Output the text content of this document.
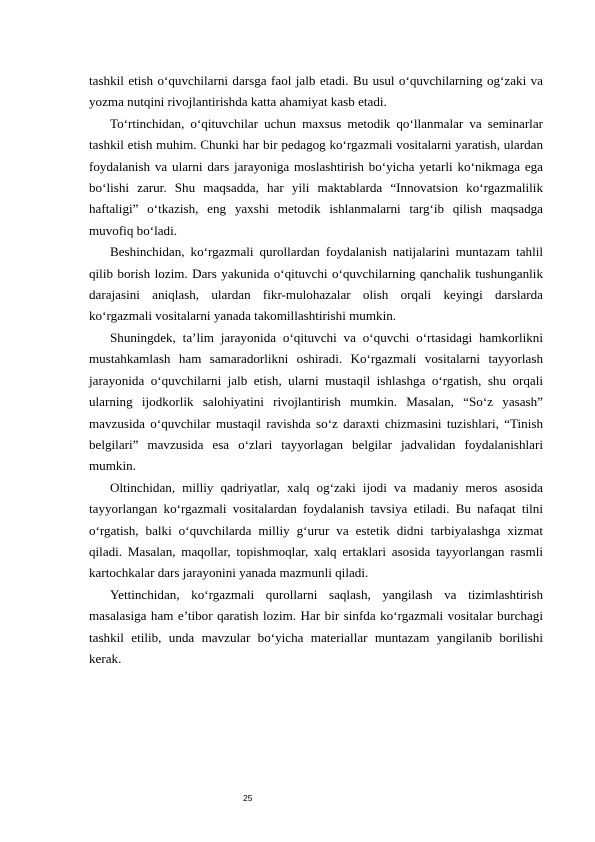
tashkil etish o‘quvchilarni darsga faol jalb etadi. Bu usul o‘quvchilarning og‘zaki va yozma nutqini rivojlantirishda katta ahamiyat kasb etadi.

To‘rtinchidan, o‘qituvchilar uchun maxsus metodik qo‘llanmalar va seminarlar tashkil etish muhim. Chunki har bir pedagog ko‘rgazmali vositalarni yaratish, ulardan foydalanish va ularni dars jarayoniga moslashtirish bo‘yicha yetarli ko‘nikmaga ega bo‘lishi zarur. Shu maqsadda, har yili maktablarda “Innovatsion ko‘rgazmalilik haftaligi” o‘tkazish, eng yaxshi metodik ishlanmalarni targ‘ib qilish maqsadga muvofiq bo‘ladi.

Beshinchidan, ko‘rgazmali qurollardan foydalanish natijalarini muntazam tahlil qilib borish lozim. Dars yakunida o‘qituvchi o‘quvchilarning qanchalik tushunganlik darajasini aniqlash, ulardan fikr-mulohazalar olish orqali keyingi darslarda ko‘rgazmali vositalarni yanada takomillashtirishi mumkin.

Shuningdek, ta’lim jarayonida o‘qituvchi va o‘quvchi o‘rtasidagi hamkorlikni mustahkamlash ham samaradorlikni oshiradi. Ko‘rgazmali vositalarni tayyorlash jarayonida o‘quvchilarni jalb etish, ularni mustaqil ishlashga o‘rgatish, shu orqali ularning ijodkorlik salohiyatini rivojlantirish mumkin. Masalan, “So‘z yasash” mavzusida o‘quvchilar mustaqil ravishda so‘z daraxti chizmasini tuzishlari, “Tinish belgilari” mavzusida esa o‘zlari tayyorlagan belgilar jadvalidan foydalanishlari mumkin.

Oltinchidan, milliy qadriyatlar, xalq og‘zaki ijodi va madaniy meros asosida tayyorlangan ko‘rgazmali vositalardan foydalanish tavsiya etiladi. Bu nafaqat tilni o‘rgatish, balki o‘quvchilarda milliy g‘urur va estetik didni tarbiyalashga xizmat qiladi. Masalan, maqollar, topishmoqlar, xalq ertaklari asosida tayyorlangan rasmli kartochkalar dars jarayonini yanada mazmunli qiladi.

Yettinchidan, ko‘rgazmali qurollarni saqlash, yangilash va tizimlashtirish masalasiga ham e’tibor qaratish lozim. Har bir sinfda ko‘rgazmali vositalar burchagi tashkil etilib, unda mavzular bo‘yicha materiallar muntazam yangilanib borilishi kerak.

25
